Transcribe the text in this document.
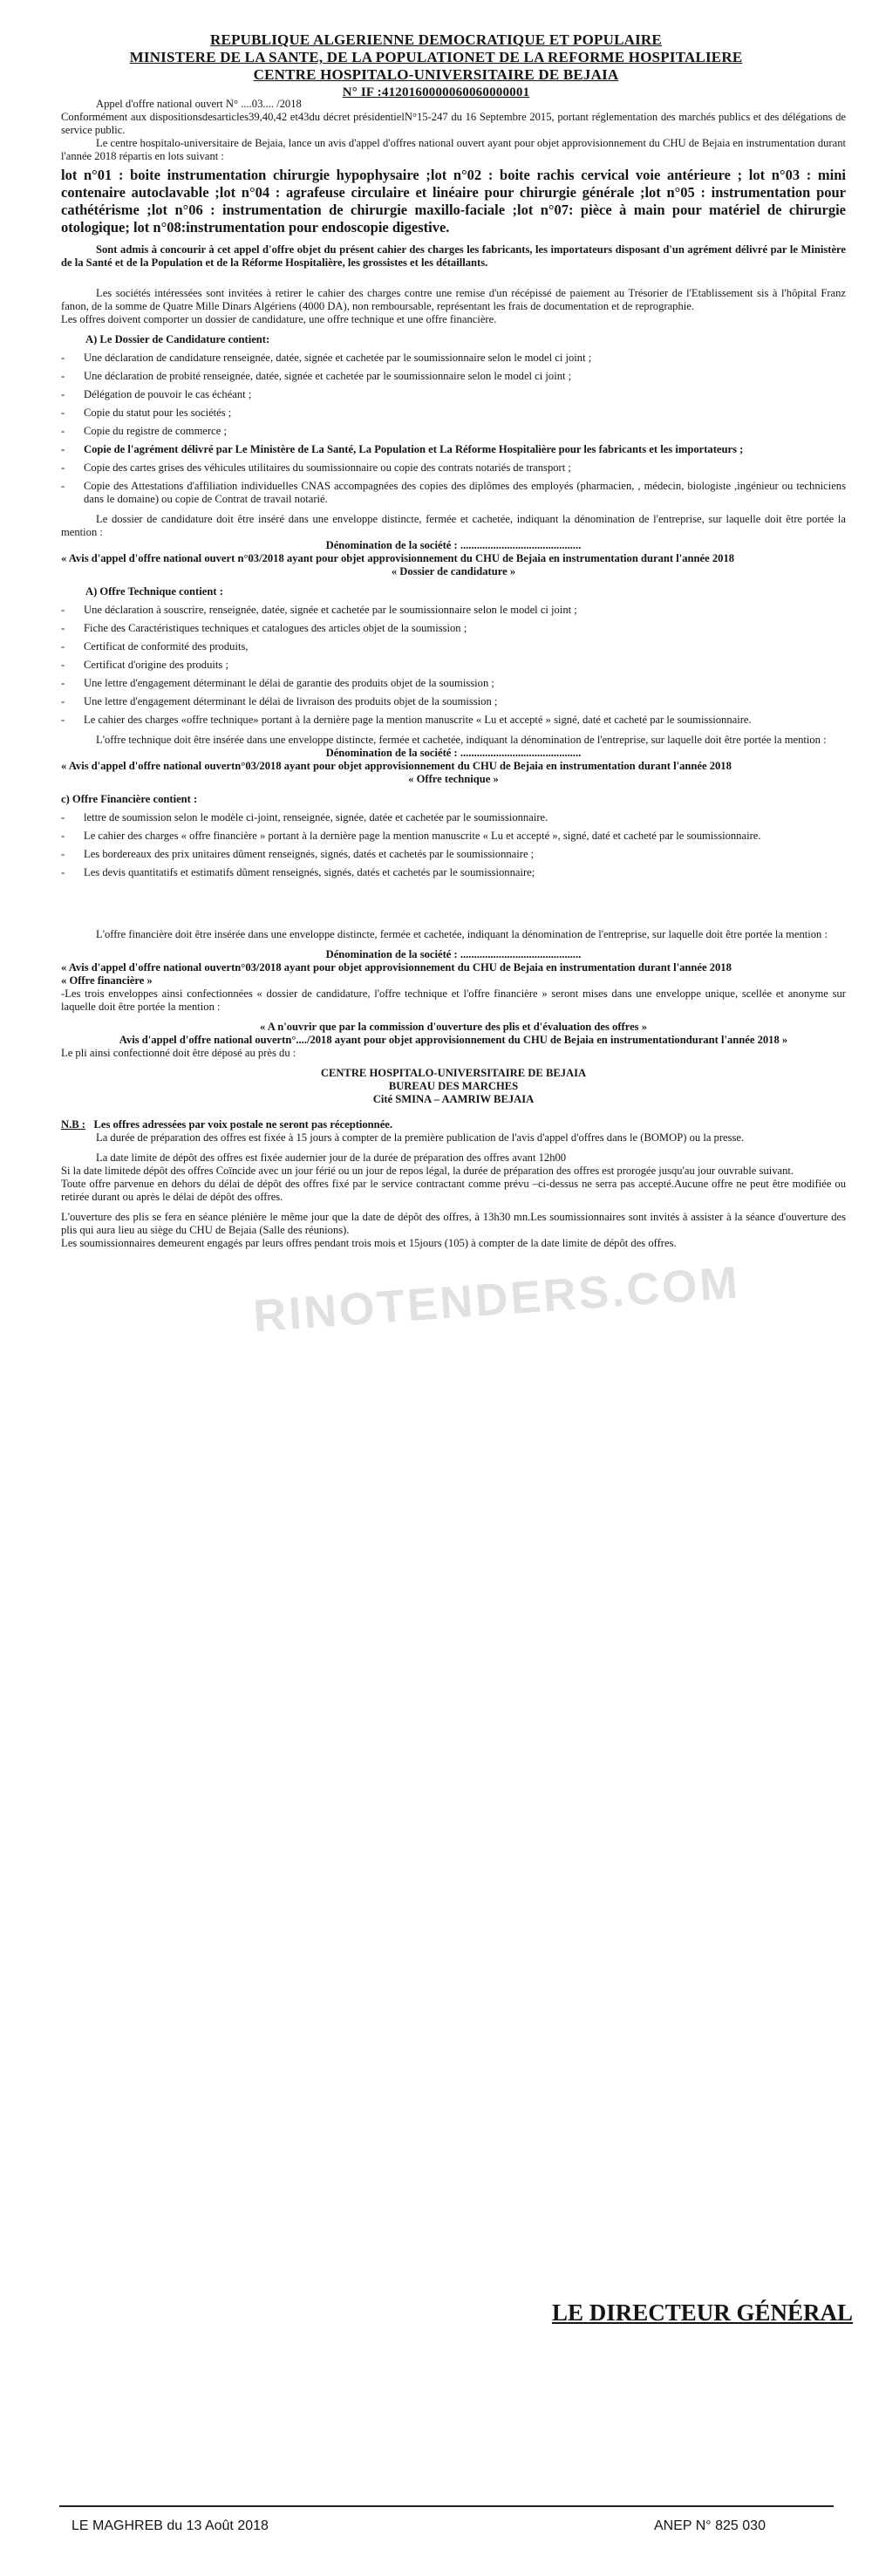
REPUBLIQUE ALGERIENNE DEMOCRATIQUE ET POPULAIRE
MINISTERE DE LA SANTE, DE LA POPULATIONET DE LA REFORME HOSPITALIERE
CENTRE HOSPITALO-UNIVERSITAIRE DE BEJAIA
N° IF :4120160000060060000001

Appel d'offre national ouvert N° ....03.... /2018

Conformément aux dispositionsdesarticles39,40,42 et43du décret présidentielN°15-247 du 16 Septembre 2015, portant réglementation des marchés publics et des délégations de service public.

Le centre hospitalo-universitaire de Bejaia, lance un avis d'appel d'offres national ouvert ayant pour objet approvisionnement du CHU de Bejaia en instrumentation durant l'année 2018 répartis en lots suivant :

lot n°01 : boite instrumentation chirurgie hypophysaire ;lot n°02 : boite rachis cervical voie antérieure ; lot n°03 : mini contenaire autoclavable ;lot n°04 : agrafeuse circulaire et linéaire pour chirurgie générale ;lot n°05 : instrumentation pour cathétérisme ;lot n°06 : instrumentation de chirurgie maxillo-faciale ;lot n°07: pièce à main pour matériel de chirurgie otologique; lot n°08:instrumentation pour endoscopie digestive.

Sont admis à concourir à cet appel d'offre objet du présent cahier des charges les fabricants, les importateurs disposant d'un agrément délivré par le Ministère de la Santé et de la Population et de la Réforme Hospitalière, les grossistes et les détaillants.

Les sociétés intéressées sont invitées à retirer le cahier des charges contre une remise d'un récépissé de paiement au Trésorier de l'Etablissement sis à l'hôpital Franz fanon, de la somme de Quatre Mille Dinars Algériens (4000 DA), non remboursable, représentant les frais de documentation et de reprographie.

Les offres doivent comporter un dossier de candidature, une offre technique et une offre financière.

A) Le Dossier de Candidature contient:
- Une déclaration de candidature renseignée, datée, signée et cachetée par le soumissionnaire selon le model ci joint ;
- Une déclaration de probité renseignée, datée, signée et cachetée par le soumissionnaire selon le model ci joint ;
- Délégation de pouvoir le cas échéant ;
- Copie du statut pour les sociétés ;
- Copie du registre de commerce ;
- Copie de l'agrément délivré par Le Ministère de La Santé, La Population et La Réforme Hospitalière pour les fabricants et les importateurs ;
- Copie des cartes grises des véhicules utilitaires du soumissionnaire ou copie des contrats notariés de transport ;
- Copie des Attestations d'affiliation individuelles CNAS accompagnées des copies des diplômes des employés (pharmacien, , médecin, biologiste ,ingénieur ou techniciens dans le domaine) ou copie de Contrat de travail notarié.

Le dossier de candidature doit être inséré dans une enveloppe distincte, fermée et cachetée, indiquant la dénomination de l'entreprise, sur laquelle doit être portée la mention :

Dénomination de la société : ............................................

« Avis d'appel d'offre national ouvert n°03/2018 ayant pour objet approvisionnement du CHU de Bejaia en instrumentation durant l'année 2018

« Dossier de candidature »

A) Offre Technique contient :
- Une déclaration à souscrire, renseignée, datée, signée et cachetée par le soumissionnaire selon le model ci joint ;
- Fiche des Caractéristiques techniques et catalogues des articles objet de la soumission ;
- Certificat de conformité des produits,
- Certificat d'origine des produits ;
- Une lettre d'engagement déterminant le délai de garantie des produits objet de la soumission ;
- Une lettre d'engagement déterminant le délai de livraison des produits objet de la soumission ;
- Le cahier des charges «offre technique» portant à la dernière page la mention manuscrite « Lu et accepté » signé, daté et cacheté par le soumissionnaire.

L'offre technique doit être insérée dans une enveloppe distincte, fermée et cachetée, indiquant la dénomination de l'entreprise, sur laquelle doit être portée la mention :

Dénomination de la société : ............................................

« Avis d'appel d'offre national ouvertn°03/2018 ayant pour objet approvisionnement du CHU de Bejaia en instrumentation durant l'année 2018

« Offre technique »

c) Offre Financière contient :
- lettre de soumission selon le modèle ci-joint, renseignée, signée, datée et cachetée par le soumissionnaire.
- Le cahier des charges « offre financière » portant à la dernière page la mention manuscrite « Lu et accepté », signé, daté et cacheté par le soumissionnaire.
- Les bordereaux des prix unitaires dûment renseignés, signés, datés et cachetés par le soumissionnaire ;
- Les devis quantitatifs et estimatifs dûment renseignés, signés, datés et cachetés par le soumissionnaire;

L'offre financière doit être insérée dans une enveloppe distincte, fermée et cachetée, indiquant la dénomination de l'entreprise, sur laquelle doit être portée la mention :

Dénomination de la société : ............................................

« Avis d'appel d'offre national ouvertn°03/2018 ayant pour objet approvisionnement du CHU de Bejaia en instrumentation durant l'année 2018

« Offre financière »

-Les trois enveloppes ainsi confectionnées « dossier de candidature, l'offre technique et l'offre financière » seront mises dans une enveloppe unique, scellée et anonyme sur laquelle doit être portée la mention :

« A n'ouvrir que par la commission d'ouverture des plis et d'évaluation des offres »

Avis d'appel d'offre national ouvertn°..../2018 ayant pour objet approvisionnement du CHU de Bejaia en instrumentationdurant l'année 2018 »

Le pli ainsi confectionné doit être déposé au près du :

CENTRE HOSPITALO-UNIVERSITAIRE DE BEJAIA

BUREAU DES MARCHES

Cité SMINA – AAMRIW BEJAIA

N.B : Les offres adressées par voix postale ne seront pas réceptionnée.

La durée de préparation des offres est fixée à 15 jours à compter de la première publication de l'avis d'appel d'offres dans le (BOMOP) ou la presse.

La date limite de dépôt des offres est fixée audernier jour de la durée de préparation des offres avant 12h00

Si la date limitede dépôt des offres Coïncide avec un jour férié ou un jour de repos légal, la durée de préparation des offres est prorogée jusqu'au jour ouvrable suivant.

Toute offre parvenue en dehors du délai de dépôt des offres fixé par le service contractant comme prévu –ci-dessus ne serra pas accepté.Aucune offre ne peut être modifiée ou retirée durant ou après le délai de dépôt des offres.

L'ouverture des plis se fera en séance plénière le même jour que la date de dépôt des offres, à 13h30 mn.Les soumissionnaires sont invités à assister à la séance d'ouverture des plis qui aura lieu au siège du CHU de Bejaia (Salle des réunions).

Les soumissionnaires demeurent engagés par leurs offres pendant trois mois et 15jours (105) à compter de la date limite de dépôt des offres.

RINOTENDERS.COM
LE DIRECTEUR GÉNÉRAL
LE MAGHREB du 13 Août 2018	ANEP N° 825 030
